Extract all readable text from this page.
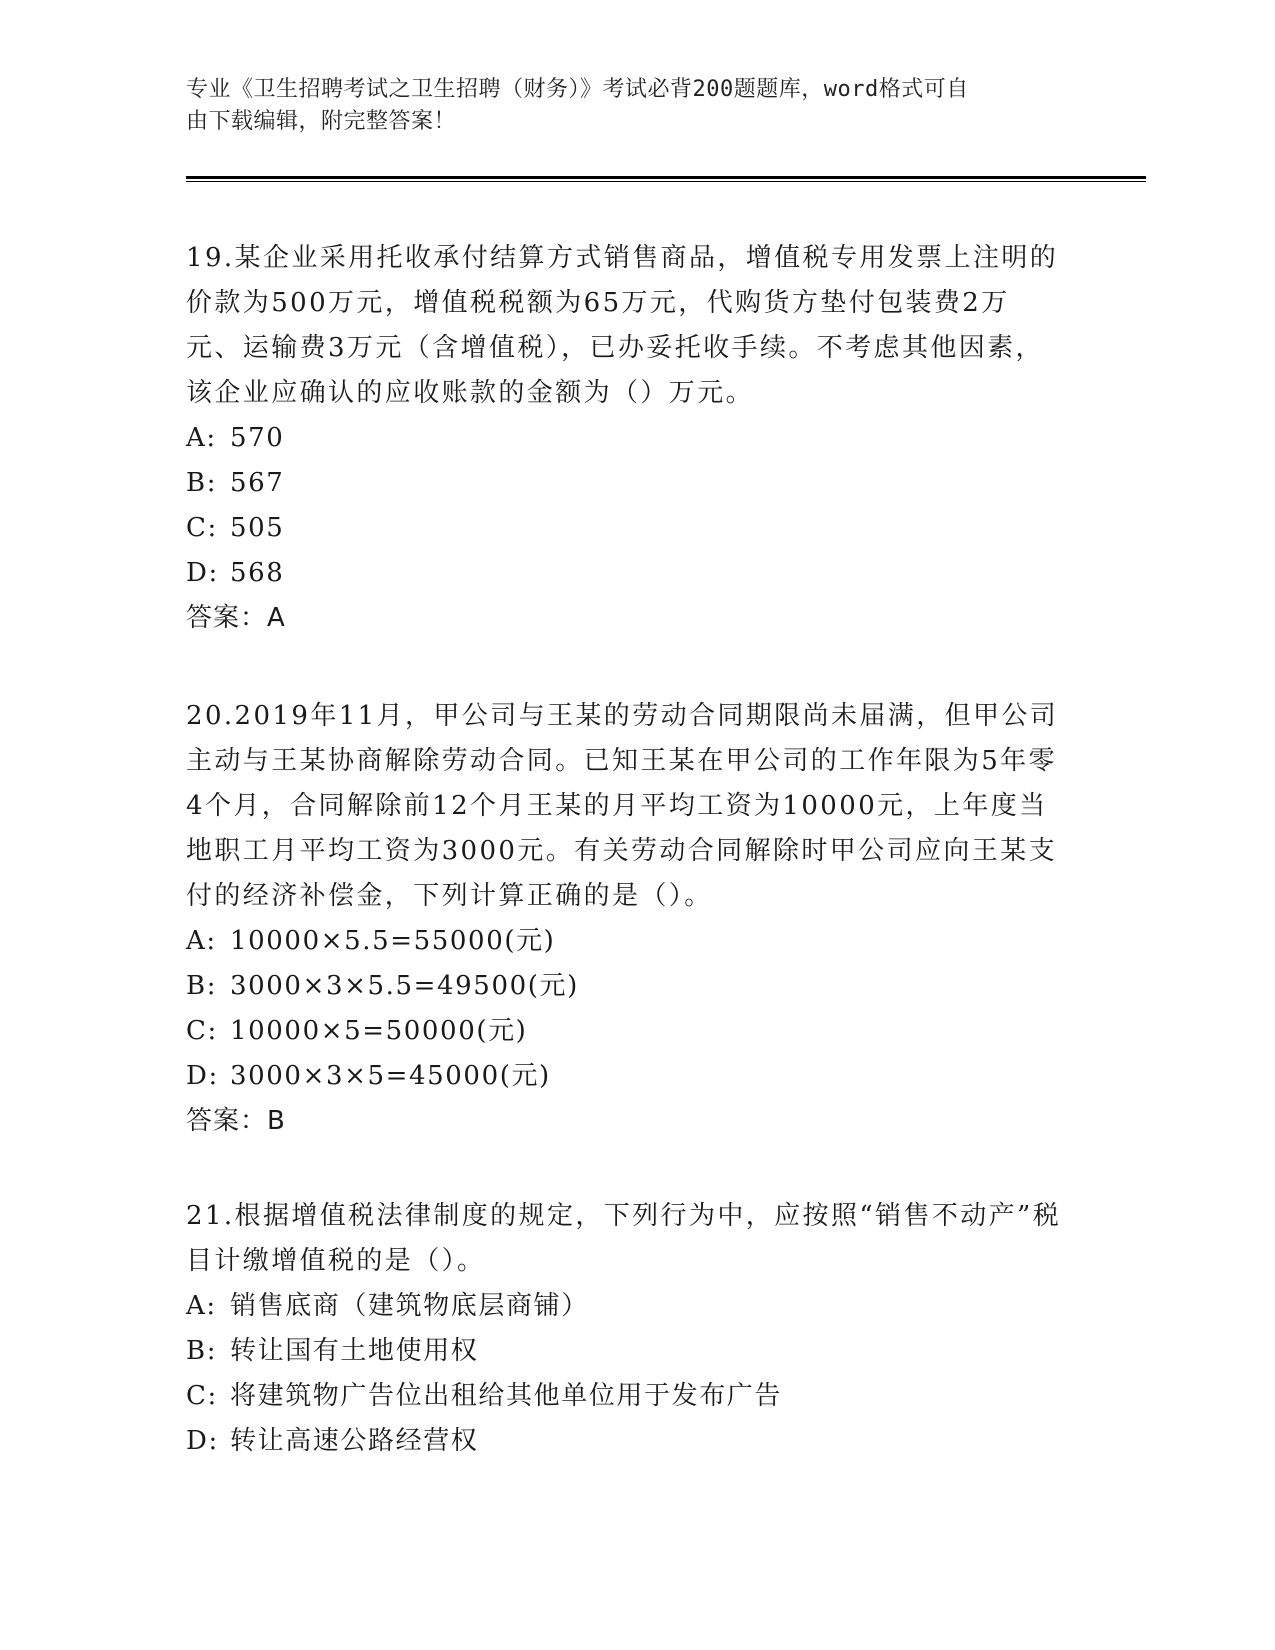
专业《卫生招聘考试之卫生招聘（财务）》考试必背200题题库，word格式可自
由下载编辑，附完整答案！

19.某企业采用托收承付结算方式销售商品，增值税专用发票上注明的价款为500万元，增值税税额为65万元，代购货方垫付包装费2万元、运输费3万元（含增值税），已办妥托收手续。不考虑其他因素，该企业应确认的应收账款的金额为（）万元。

A: 570

B: 567

C: 505

D: 568

答案：A

20.2019年11月，甲公司与王某的劳动合同期限尚未届满，但甲公司主动与王某协商解除劳动合同。已知王某在甲公司的工作年限为5年零4个月，合同解除前12个月王某的月平均工资为10000元，上年度当地职工月平均工资为3000元。有关劳动合同解除时甲公司应向王某支付的经济补偿金，下列计算正确的是（）。

A: 10000×5.5=55000(元)

B: 3000×3×5.5=49500(元)

C: 10000×5=50000(元)

D: 3000×3×5=45000(元)

答案：B

21.根据增值税法律制度的规定，下列行为中，应按照“销售不动产”税目计缴增值税的是（）。

A: 销售底商（建筑物底层商铺）

B: 转让国有土地使用权

C: 将建筑物广告位出租给其他单位用于发布广告

D: 转让高速公路经营权
